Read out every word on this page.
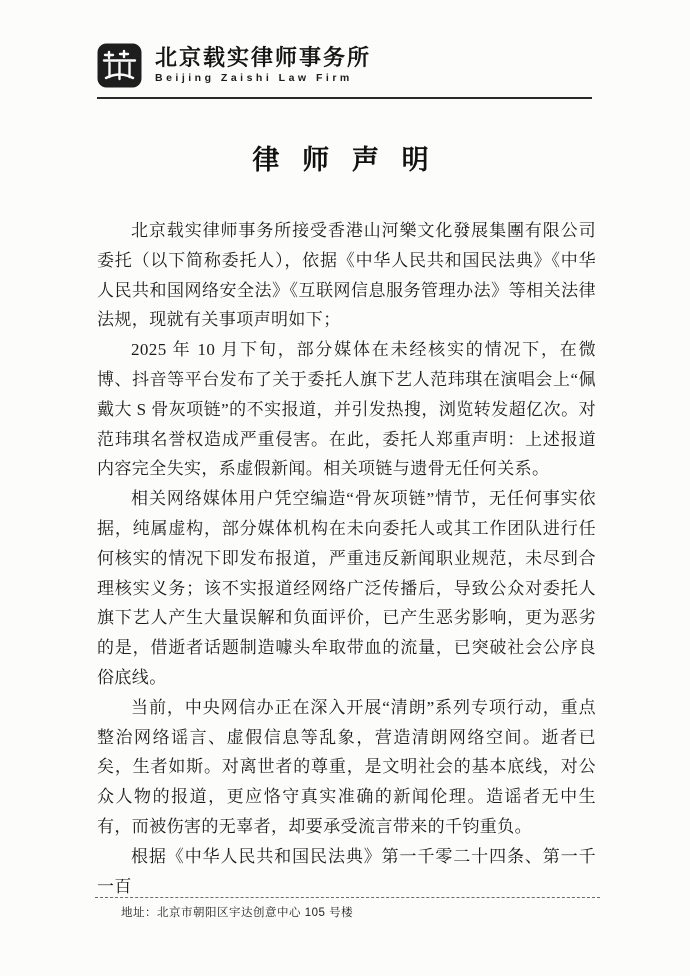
北京载实律师事务所
Beijing Zaishi Law Firm
律 师 声 明

北京载实律师事务所接受香港山河樂文化發展集團有限公司委托（以下简称委托人），依据《中华人民共和国民法典》《中华人民共和国网络安全法》《互联网信息服务管理办法》等相关法律法规，现就有关事项声明如下；

2025 年 10 月下旬，部分媒体在未经核实的情况下，在微博、抖音等平台发布了关于委托人旗下艺人范玮琪在演唱会上“佩戴大 S 骨灰项链”的不实报道，并引发热搜，浏览转发超亿次。对范玮琪名誉权造成严重侵害。在此，委托人郑重声明：上述报道内容完全失实，系虚假新闻。相关项链与遗骨无任何关系。

相关网络媒体用户凭空编造“骨灰项链”情节，无任何事实依据，纯属虚构，部分媒体机构在未向委托人或其工作团队进行任何核实的情况下即发布报道，严重违反新闻职业规范，未尽到合理核实义务；该不实报道经网络广泛传播后，导致公众对委托人旗下艺人产生大量误解和负面评价，已产生恶劣影响，更为恶劣的是，借逝者话题制造噱头牟取带血的流量，已突破社会公序良俗底线。

当前，中央网信办正在深入开展“清朗”系列专项行动，重点整治网络谣言、虚假信息等乱象，营造清朗网络空间。逝者已矣，生者如斯。对离世者的尊重，是文明社会的基本底线，对公众人物的报道，更应恪守真实准确的新闻伦理。造谣者无中生有，而被伤害的无辜者，却要承受流言带来的千钧重负。

根据《中华人民共和国民法典》第一千零二十四条、第一千一百

地址：北京市朝阳区宇达创意中心 105 号楼
